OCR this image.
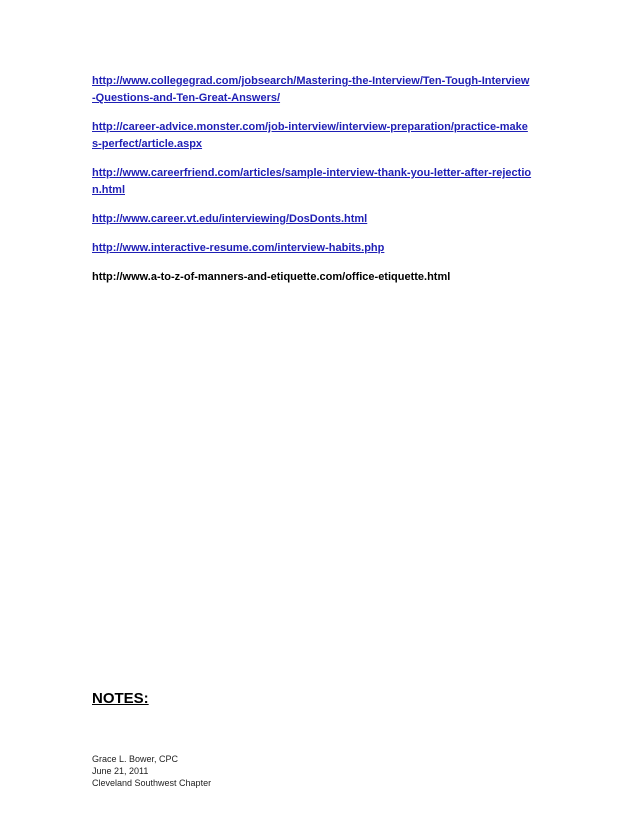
http://www.collegegrad.com/jobsearch/Mastering-the-Interview/Ten-Tough-Interview-Questions-and-Ten-Great-Answers/
http://career-advice.monster.com/job-interview/interview-preparation/practice-makes-perfect/article.aspx
http://www.careerfriend.com/articles/sample-interview-thank-you-letter-after-rejection.html
http://www.career.vt.edu/interviewing/DosDonts.html
http://www.interactive-resume.com/interview-habits.php
http://www.a-to-z-of-manners-and-etiquette.com/office-etiquette.html
NOTES:
Grace L. Bower, CPC
June 21, 2011
Cleveland Southwest Chapter
